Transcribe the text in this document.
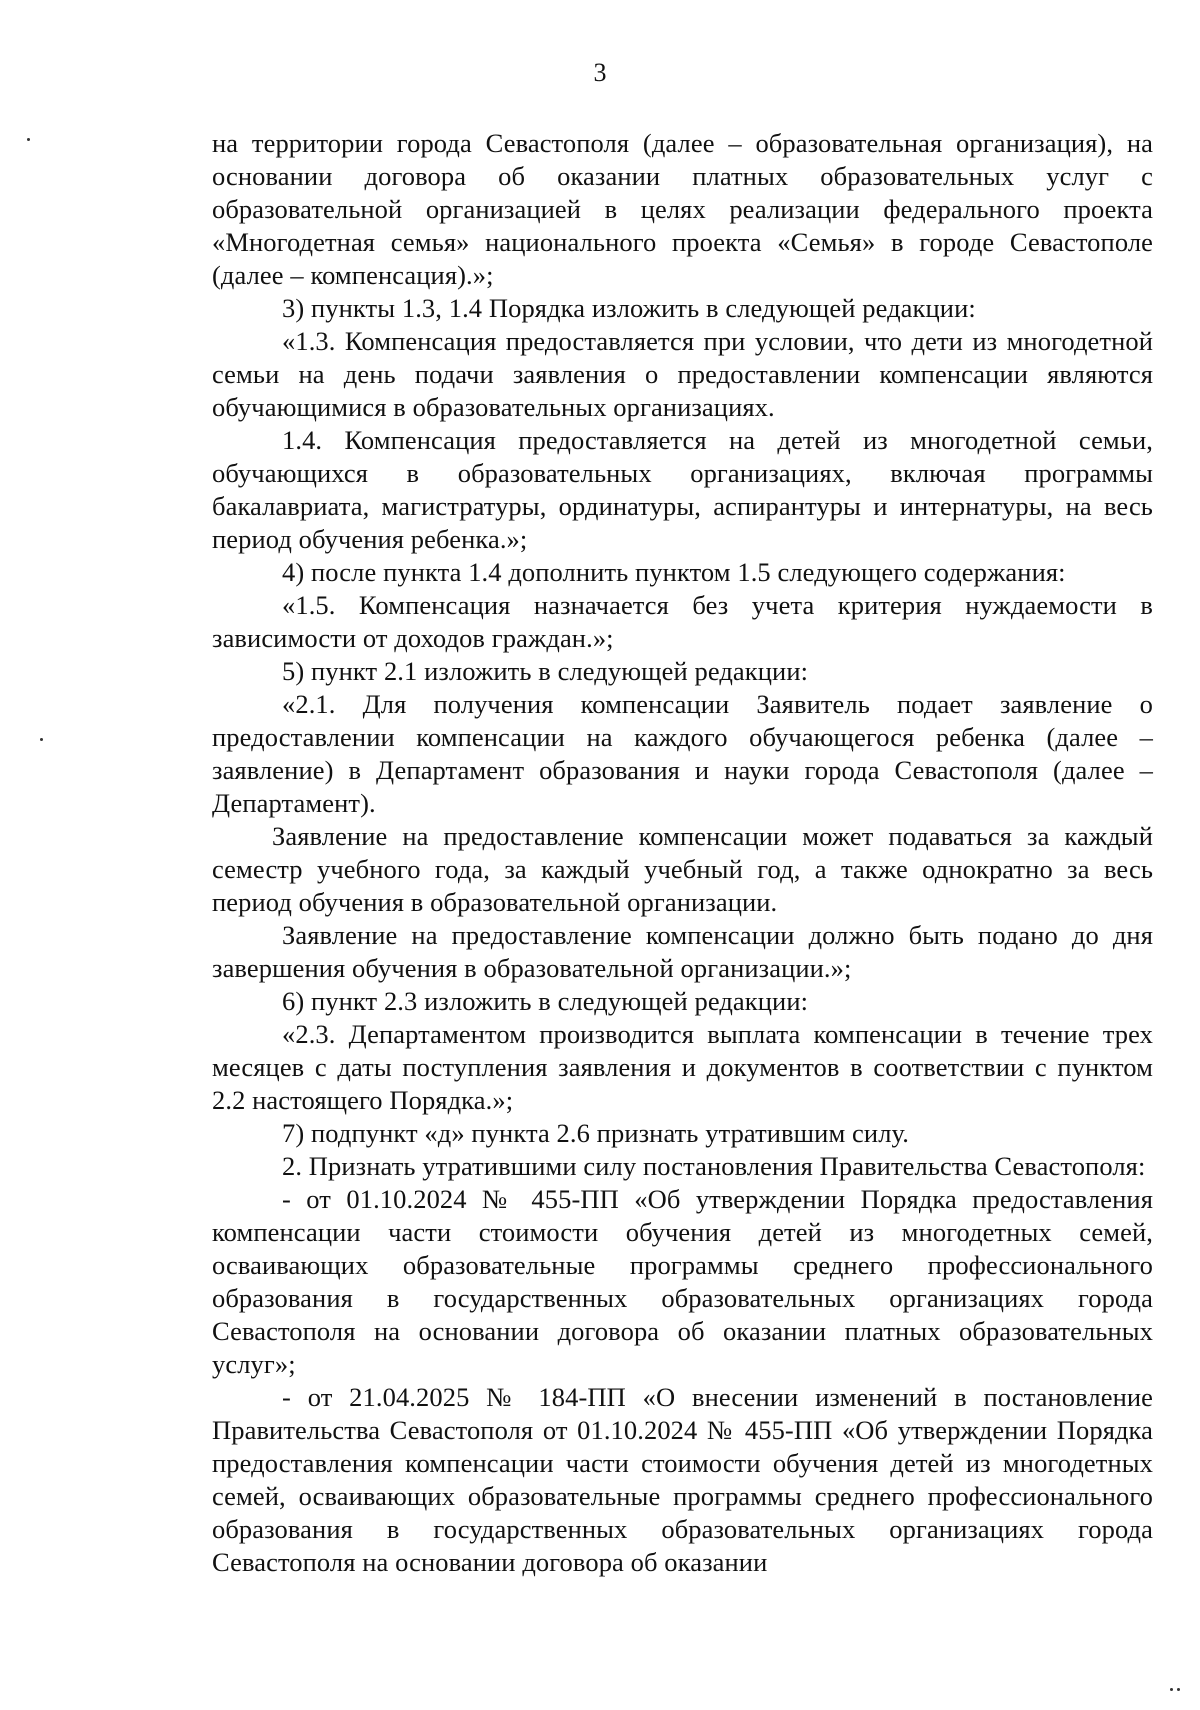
3

на территории города Севастополя (далее – образовательная организация), на основании договора об оказании платных образовательных услуг с образовательной организацией в целях реализации федерального проекта «Многодетная семья» национального проекта «Семья» в городе Севастополе (далее – компенсация).»;

3) пункты 1.3, 1.4 Порядка изложить в следующей редакции:

«1.3. Компенсация предоставляется при условии, что дети из многодетной семьи на день подачи заявления о предоставлении компенсации являются обучающимися в образовательных организациях.

1.4. Компенсация предоставляется на детей из многодетной семьи, обучающихся в образовательных организациях, включая программы бакалавриата, магистратуры, ординатуры, аспирантуры и интернатуры, на весь период обучения ребенка.»;

4) после пункта 1.4 дополнить пунктом 1.5 следующего содержания:

«1.5. Компенсация назначается без учета критерия нуждаемости в зависимости от доходов граждан.»;

5) пункт 2.1 изложить в следующей редакции:

«2.1. Для получения компенсации Заявитель подает заявление о предоставлении компенсации на каждого обучающегося ребенка (далее – заявление) в Департамент образования и науки города Севастополя (далее – Департамент).

Заявление на предоставление компенсации может подаваться за каждый семестр учебного года, за каждый учебный год, а также однократно за весь период обучения в образовательной организации.

Заявление на предоставление компенсации должно быть подано до дня завершения обучения в образовательной организации.»;

6) пункт 2.3 изложить в следующей редакции:

«2.3. Департаментом производится выплата компенсации в течение трех месяцев с даты поступления заявления и документов в соответствии с пунктом 2.2 настоящего Порядка.»;

7) подпункт «д» пункта 2.6 признать утратившим силу.

2. Признать утратившими силу постановления Правительства Севастополя:

- от 01.10.2024 № 455-ПП «Об утверждении Порядка предоставления компенсации части стоимости обучения детей из многодетных семей, осваивающих образовательные программы среднего профессионального образования в государственных образовательных организациях города Севастополя на основании договора об оказании платных образовательных услуг»;

- от 21.04.2025 № 184-ПП «О внесении изменений в постановление Правительства Севастополя от 01.10.2024 № 455-ПП «Об утверждении Порядка предоставления компенсации части стоимости обучения детей из многодетных семей, осваивающих образовательные программы среднего профессионального образования в государственных образовательных организациях города Севастополя на основании договора об оказании
